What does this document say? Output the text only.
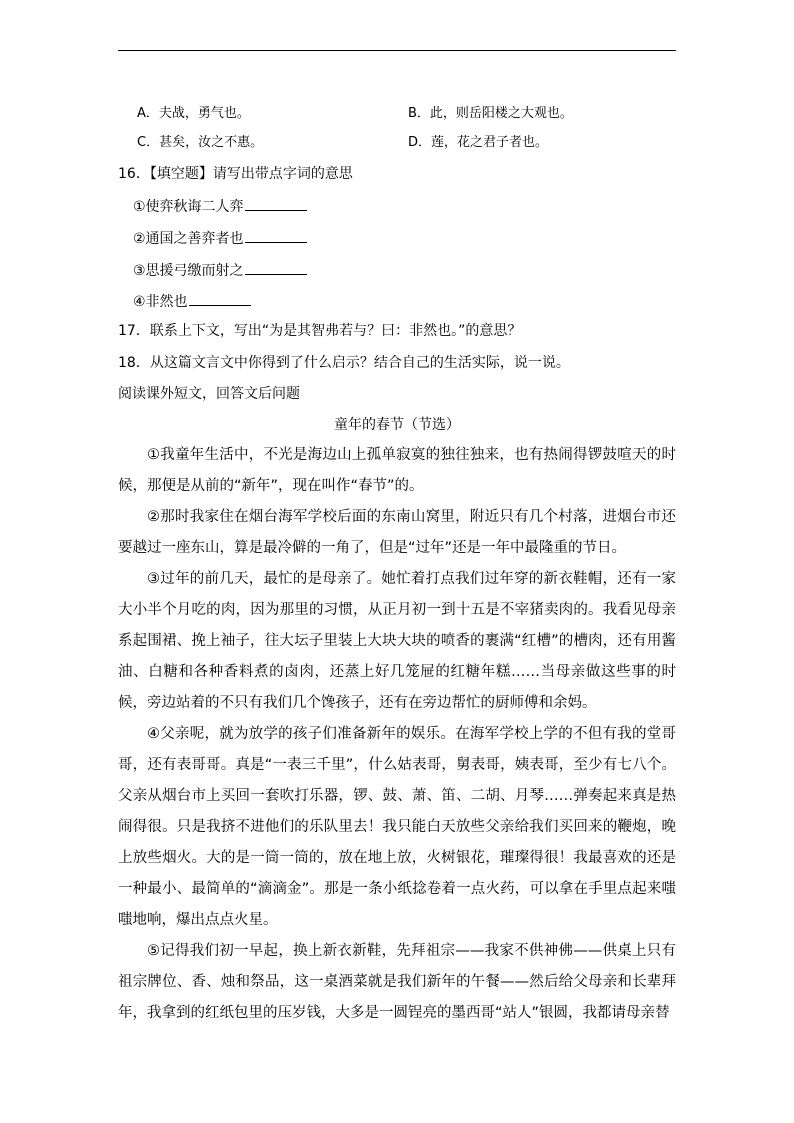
A．夫战，勇气也。	B．此，则岳阳楼之大观也。
C．甚矣，汝之不惠。	D．莲，花之君子者也。
16．【填空题】请写出带点字词的意思
①使弈秋诲二人弈
②通国之善弈者也
③思援弓缴而射之
④非然也
17．联系上下文，写出“为是其智弗若与？曰：非然也。”的意思？
18．从这篇文言文中你得到了什么启示？结合自己的生活实际，说一说。
阅读课外短文，回答文后问题
童年的春节（节选）

①我童年生活中，不光是海边山上孤单寂寞的独往独来，也有热闹得锣鼓喧天的时候，那便是从前的“新年”，现在叫作“春节”的。

②那时我家住在烟台海军学校后面的东南山窝里，附近只有几个村落，进烟台市还要越过一座东山，算是最冷僻的一角了，但是“过年”还是一年中最隆重的节日。

③过年的前几天，最忙的是母亲了。她忙着打点我们过年穿的新衣鞋帽，还有一家大小半个月吃的肉，因为那里的习惯，从正月初一到十五是不宰猪卖肉的。我看见母亲系起围裙、挽上袖子，往大坛子里装上大块大块的喷香的裹满“红槽”的槽肉，还有用酱油、白糖和各种香料煮的卤肉，还蒸上好几笼屉的红糖年糕……当母亲做这些事的时候，旁边站着的不只有我们几个馋孩子，还有在旁边帮忙的厨师傅和余妈。

④父亲呢，就为放学的孩子们准备新年的娱乐。在海军学校上学的不但有我的堂哥哥，还有表哥哥。真是“一表三千里”，什么姑表哥，舅表哥，姨表哥，至少有七八个。父亲从烟台市上买回一套吹打乐器，锣、鼓、萧、笛、二胡、月琴……弹奏起来真是热闹得很。只是我挤不进他们的乐队里去！我只能白天放些父亲给我们买回来的鞭炮，晚上放些烟火。大的是一筒一筒的，放在地上放，火树银花，璀璨得很！我最喜欢的还是一种最小、最简单的“滴滴金”。那是一条小纸捻卷着一点火药，可以拿在手里点起来嗤嗤地响，爆出点点火星。

⑤记得我们初一早起，换上新衣新鞋，先拜祖宗——我家不供神佛——供桌上只有祖宗牌位、香、烛和祭品，这一桌酒菜就是我们新年的午餐——然后给父母亲和长辈拜年，我拿到的红纸包里的压岁钱，大多是一圆锃亮的墨西哥“站人”银圆，我都请母亲替
